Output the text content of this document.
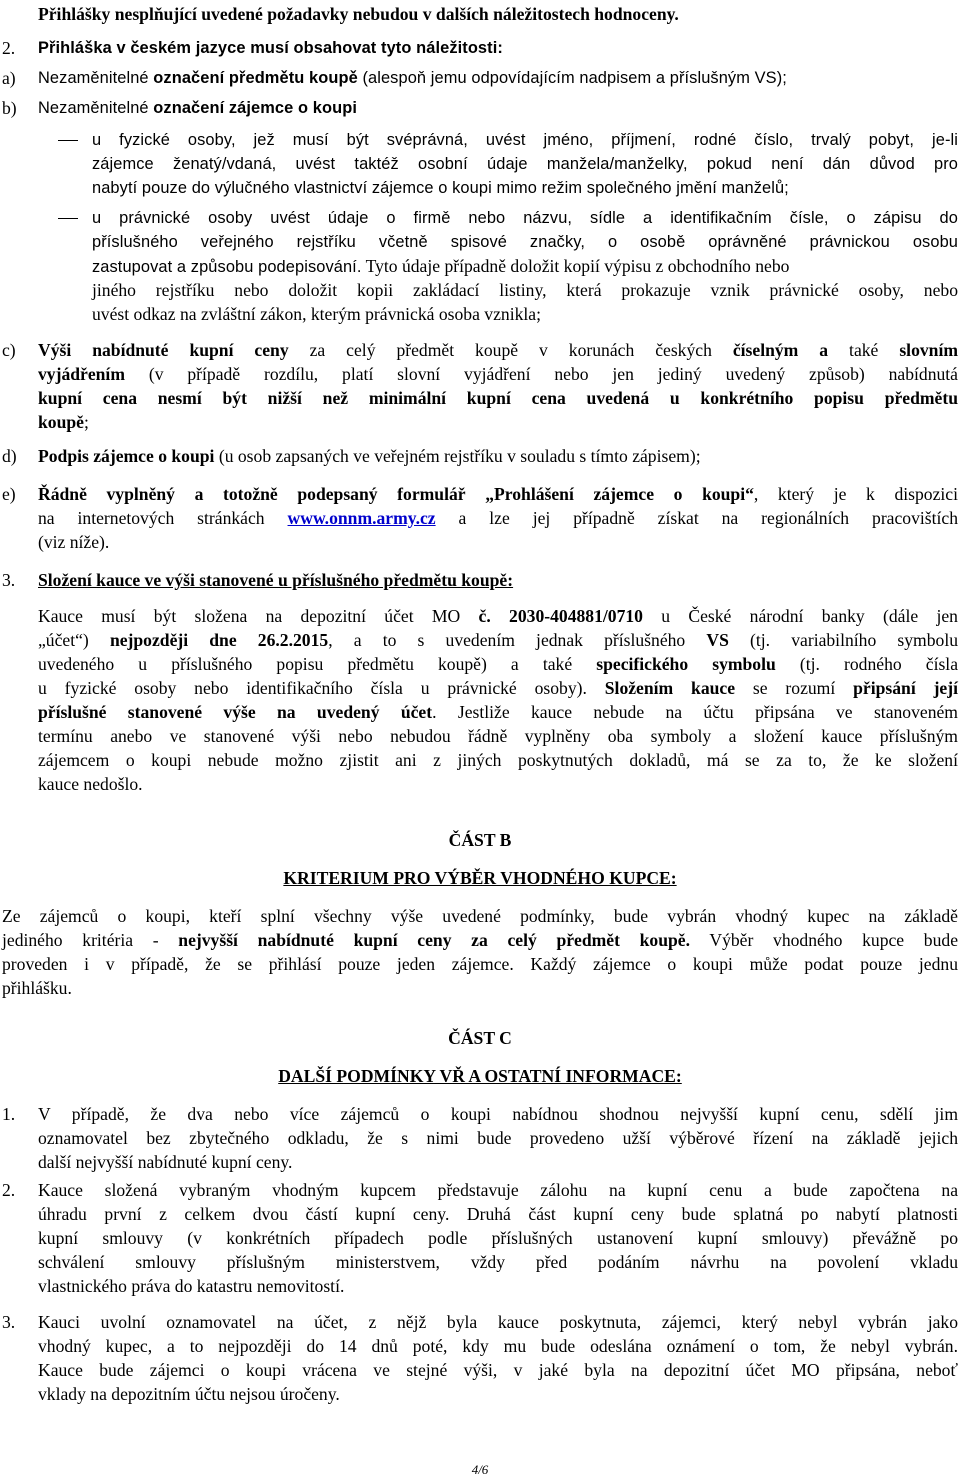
Přihlášky nesplňující uvedené požadavky nebudou v dalších náležitostech hodnoceny.
2. Přihláška v českém jazyce musí obsahovat tyto náležitosti:
a) Nezaměnitelné označení předmětu koupě (alespoň jemu odpovídajícím nadpisem a příslušným VS);
b) Nezaměnitelné označení zájemce o koupi
u fyzické osoby, jež musí být svéprávná, uvést jméno, příjmení, rodné číslo, trvalý pobyt, je-li
zájemce ženatý/vdaná, uvést taktéž osobní údaje manžela/manželky, pokud není dán důvod pro
nabytí pouze do výlučného vlastnictví zájemce o koupi mimo režim společného jmění manželů;
u právnické osoby uvést údaje o firmě nebo názvu, sídle a identifikačním čísle, o zápisu do
příslušného veřejného rejstříku včetně spisové značky, o osobě oprávněné právnickou osobu
zastupovat a způsobu podepisování. Tyto údaje případně doložit kopií výpisu z obchodního nebo
jiného rejstříku nebo doložit kopii zakládací listiny, která prokazuje vznik právnické osoby, nebo
uvést odkaz na zvláštní zákon, kterým právnická osoba vznikla;
c) Výši nabídnuté kupní ceny za celý předmět koupě v korunách českých číselným a také slovním
vyjádřením (v případě rozdílu, platí slovní vyjádření nebo jen jediný uvedený způsob) nabídnutá
kupní cena nesmí být nižší než minimální kupní cena uvedená u konkrétního popisu předmětu
koupě;
d) Podpis zájemce o koupi (u osob zapsaných ve veřejném rejstříku v souladu s tímto zápisem);
e) Řádně vyplněný a totožně podepsaný formulář „Prohlášení zájemce o koupi“, který je k dispozici
na internetových stránkách www.onnm.army.cz a lze jej případně získat na regionálních pracovištích
(viz níže).
3. Složení kauce ve výši stanovené u příslušného předmětu koupě:
Kauce musí být složena na depozitní účet MO č. 2030-404881/0710 u České národní banky (dále jen
„účet“) nejpozději dne 26.2.2015, a to s uvedením jednak příslušného VS (tj. variabilního symbolu
uvedeného u příslušného popisu předmětu koupě) a také specifického symbolu (tj. rodného čísla
u fyzické osoby nebo identifikačního čísla u právnické osoby). Složením kauce se rozumí připsání její
příslušné stanovené výše na uvedený účet. Jestliže kauce nebude na účtu připsána ve stanoveném
termínu anebo ve stanovené výši nebo nebudou řádně vyplněny oba symboly a složení kauce příslušným
zájemcem o koupi nebude možno zjistit ani z jiných poskytnutých dokladů, má se za to, že ke složení
kauce nedošlo.
ČÁST B
KRITERIUM PRO VÝBĚR VHODNÉHO KUPCE:
Ze zájemců o koupi, kteří splní všechny výše uvedené podmínky, bude vybrán vhodný kupec na základě
jediného kritéria - nejvyšší nabídnuté kupní ceny za celý předmět koupě. Výběr vhodného kupce bude
proveden i v případě, že se přihlásí pouze jeden zájemce. Každý zájemce o koupi může podat pouze jednu
přihlášku.
ČÁST C
DALŠÍ PODMÍNKY VŘ A OSTATNÍ INFORMACE:
1. V případě, že dva nebo více zájemců o koupi nabídnou shodnou nejvyšší kupní cenu, sdělí jim
oznamovatel bez zbytečného odkladu, že s nimi bude provedeno užší výběrové řízení na základě jejich
další nejvyšší nabídnuté kupní ceny.
2. Kauce složená vybraným vhodným kupcem představuje zálohu na kupní cenu a bude započtena na
úhradu první z celkem dvou částí kupní ceny. Druhá část kupní ceny bude splatná po nabytí platnosti
kupní smlouvy (v konkrétních případech podle příslušných ustanovení kupní smlouvy) převážně po
schválení smlouvy příslušným ministerstvem, vždy před podáním návrhu na povolení vkladu
vlastnického práva do katastru nemovitostí.
3. Kauci uvolní oznamovatel na účet, z nějž byla kauce poskytnuta, zájemci, který nebyl vybrán jako
vhodný kupec, a to nejpozději do 14 dnů poté, kdy mu bude odeslána oznámení o tom, že nebyl vybrán.
Kauce bude zájemci o koupi vrácena ve stejné výši, v jaké byla na depozitní účet MO připsána, neboť
vklady na depozitním účtu nejsou úročeny.
4/6
